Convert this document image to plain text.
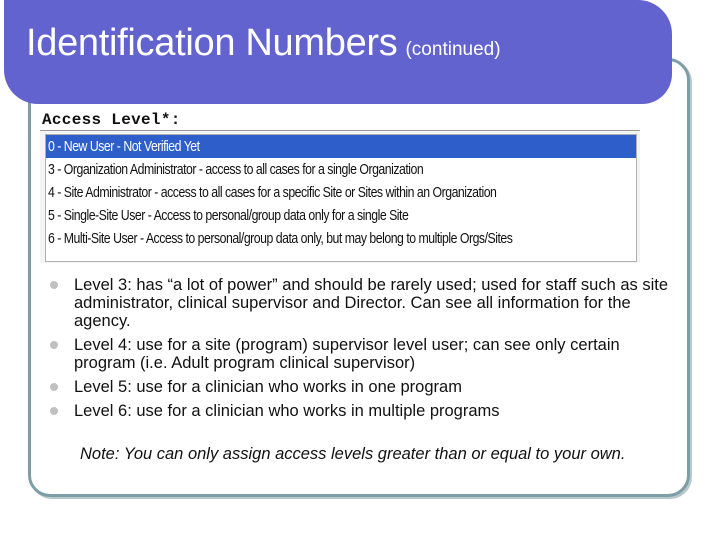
Identification Numbers (continued)
Access Level*:
0 - New User - Not Verified Yet
3 - Organization Administrator - access to all cases for a single Organization
4 - Site Administrator - access to all cases for a specific Site or Sites within an Organization
5 - Single-Site User - Access to personal/group data only for a single Site
6 - Multi-Site User - Access to personal/group data only, but may belong to multiple Orgs/Sites
Level 3: has “a lot of power” and should be rarely used; used for staff such as site administrator, clinical supervisor and Director. Can see all information for the agency.
Level 4: use for a site (program) supervisor level user; can see only certain program (i.e. Adult program clinical supervisor)
Level 5: use for a clinician who works in one program
Level 6: use for a clinician who works in multiple programs
Note: You can only assign access levels greater than or equal to your own.
